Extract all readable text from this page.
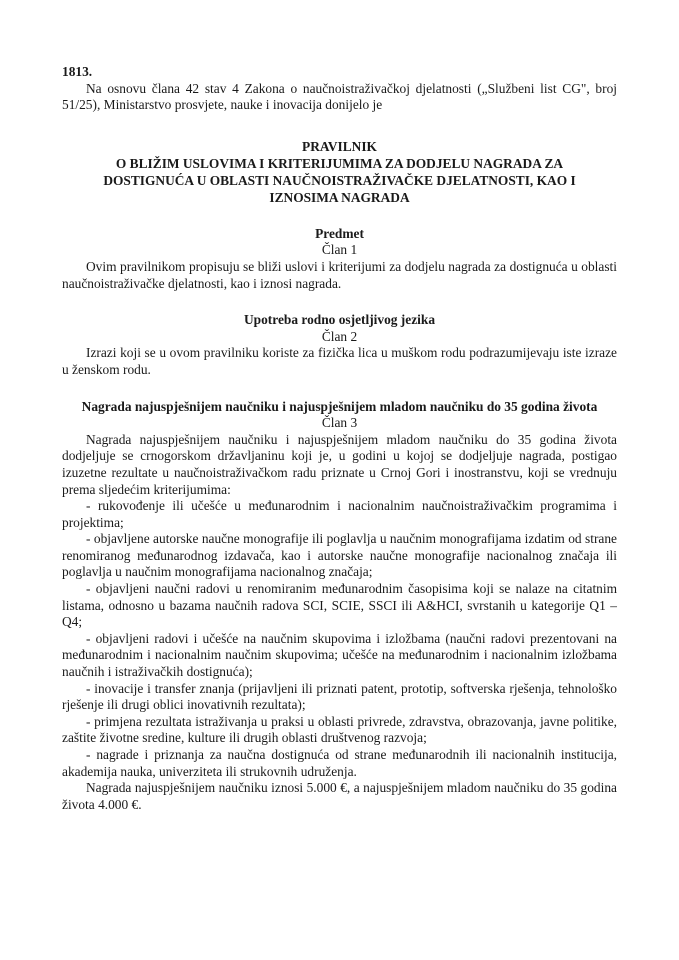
1813.

Na osnovu člana 42 stav 4 Zakona o naučnoistraživačkoj djelatnosti („Službeni list CG", broj 51/25), Ministarstvo prosvjete, nauke i inovacija donijelo je

PRAVILNIK
O BLIŽIM USLOVIMA I KRITERIJUMIMA ZA DODJELU NAGRADA ZA
DOSTIGNUĆA U OBLASTI NAUČNOISTRAŽIVAČKE DJELATNOSTI, KAO I
IZNOSIMA NAGRADA
Predmet
Član 1

Ovim pravilnikom propisuju se bliži uslovi i kriterijumi za dodjelu nagrada za dostignuća u oblasti naučnoistraživačke djelatnosti, kao i iznosi nagrada.

Upotreba rodno osjetljivog jezika
Član 2

Izrazi koji se u ovom pravilniku koriste za fizička lica u muškom rodu podrazumijevaju iste izraze u ženskom rodu.

Nagrada najuspješnijem naučniku i najuspješnijem mladom naučniku do 35 godina života
Član 3

Nagrada najuspješnijem naučniku i najuspješnijem mladom naučniku do 35 godina života dodjeljuje se crnogorskom državljaninu koji je, u godini u kojoj se dodjeljuje nagrada, postigao izuzetne rezultate u naučnoistraživačkom radu priznate u Crnoj Gori i inostranstvu, koji se vrednuju prema sljedećim kriterijumima:

- rukovođenje ili učešće u međunarodnim i nacionalnim naučnoistraživačkim programima i projektima;

- objavljene autorske naučne monografije ili poglavlja u naučnim monografijama izdatim od strane renomiranog međunarodnog izdavača, kao i autorske naučne monografije nacionalnog značaja ili poglavlja u naučnim monografijama nacionalnog značaja;

- objavljeni naučni radovi u renomiranim međunarodnim časopisima koji se nalaze na citatnim listama, odnosno u bazama naučnih radova SCI, SCIE, SSCI ili A&HCI, svrstanih u kategorije Q1 – Q4;

- objavljeni radovi i učešće na naučnim skupovima i izložbama (naučni radovi prezentovani na međunarodnim i nacionalnim naučnim skupovima; učešće na međunarodnim i nacionalnim izložbama naučnih i istraživačkih dostignuća);

- inovacije i transfer znanja (prijavljeni ili priznati patent, prototip, softverska rješenja, tehnološko rješenje ili drugi oblici inovativnih rezultata);

- primjena rezultata istraživanja u praksi u oblasti privrede, zdravstva, obrazovanja, javne politike, zaštite životne sredine, kulture ili drugih oblasti društvenog razvoja;

- nagrade i priznanja za naučna dostignuća od strane međunarodnih ili nacionalnih institucija, akademija nauka, univerziteta ili strukovnih udruženja.

Nagrada najuspješnijem naučniku iznosi 5.000 €, a najuspješnijem mladom naučniku do 35 godina života 4.000 €.
